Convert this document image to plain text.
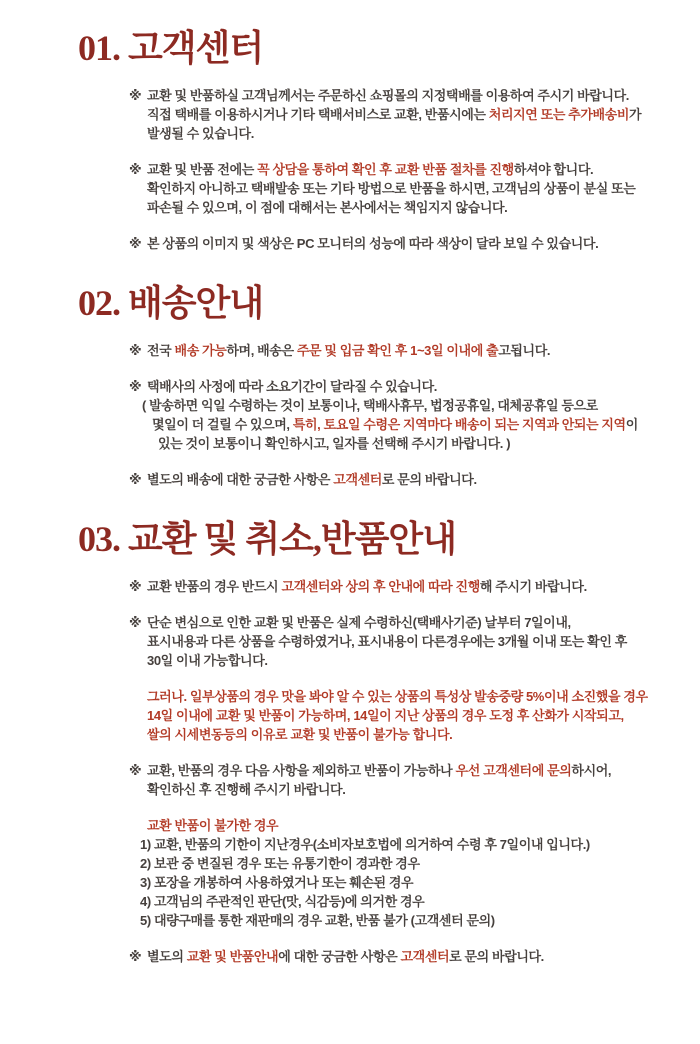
01. 고객센터
※ 교환 및 반품하실 고객님께서는 주문하신 쇼핑몰의 지정택배를 이용하여 주시기 바랍니다.
직접 택배를 이용하시거나 기타 택배서비스로 교환, 반품시에는 처리지연 또는 추가배송비가
발생될 수 있습니다.
※ 교환 및 반품 전에는 꼭 상담을 통하여 확인 후 교환 반품 절차를 진행하셔야 합니다.
확인하지 아니하고 택배발송 또는 기타 방법으로 반품을 하시면, 고객님의 상품이 분실 또는
파손될 수 있으며, 이 점에 대해서는 본사에서는 책임지지 않습니다.
※ 본 상품의 이미지 및 색상은 PC 모니터의 성능에 따라 색상이 달라 보일 수 있습니다.
02. 배송안내
※ 전국 배송 가능하며, 배송은 주문 및 입금 확인 후 1~3일 이내에 출고됩니다.
※ 택배사의 사정에 따라 소요기간이 달라질 수 있습니다.
( 발송하면 익일 수령하는 것이 보통이나, 택배사휴무, 법정공휴일, 대체공휴일 등으로
몇일이 더 걸릴 수 있으며, 특히, 토요일 수령은 지역마다 배송이 되는 지역과 안되는 지역이
있는 것이 보통이니 확인하시고, 일자를 선택해 주시기 바랍니다. )
※ 별도의 배송에 대한 궁금한 사항은 고객센터로 문의 바랍니다.
03. 교환 및 취소,반품안내
※ 교환 반품의 경우 반드시 고객센터와 상의 후 안내에 따라 진행해 주시기 바랍니다.
※ 단순 변심으로 인한 교환 및 반품은 실제 수령하신(택배사기준) 날부터 7일이내,
표시내용과 다른 상품을 수령하였거나, 표시내용이 다른경우에는 3개월 이내 또는 확인 후
30일 이내 가능합니다.
그러나. 일부상품의 경우 맛을 봐야 알 수 있는 상품의 특성상 발송중량 5%이내 소진했을 경우
14일 이내에 교환 및 반품이 가능하며, 14일이 지난 상품의 경우 도정 후 산화가 시작되고,
쌀의 시세변동등의 이유로 교환 및 반품이 불가능 합니다.
※ 교환, 반품의 경우 다음 사항을 제외하고 반품이 가능하나 우선 고객센터에 문의하시어,
확인하신 후 진행해 주시기 바랍니다.
교환 반품이 불가한 경우
1) 교환, 반품의 기한이 지난경우(소비자보호법에 의거하여 수령 후 7일이내 입니다.)
2) 보관 중 변질된 경우 또는 유통기한이 경과한 경우
3) 포장을 개봉하여 사용하였거나 또는 훼손된 경우
4) 고객님의 주관적인 판단(맛, 식감등)에 의거한 경우
5) 대량구매를 통한 재판매의 경우 교환, 반품 불가 (고객센터 문의)
※ 별도의 교환 및 반품안내에 대한 궁금한 사항은 고객센터로 문의 바랍니다.
